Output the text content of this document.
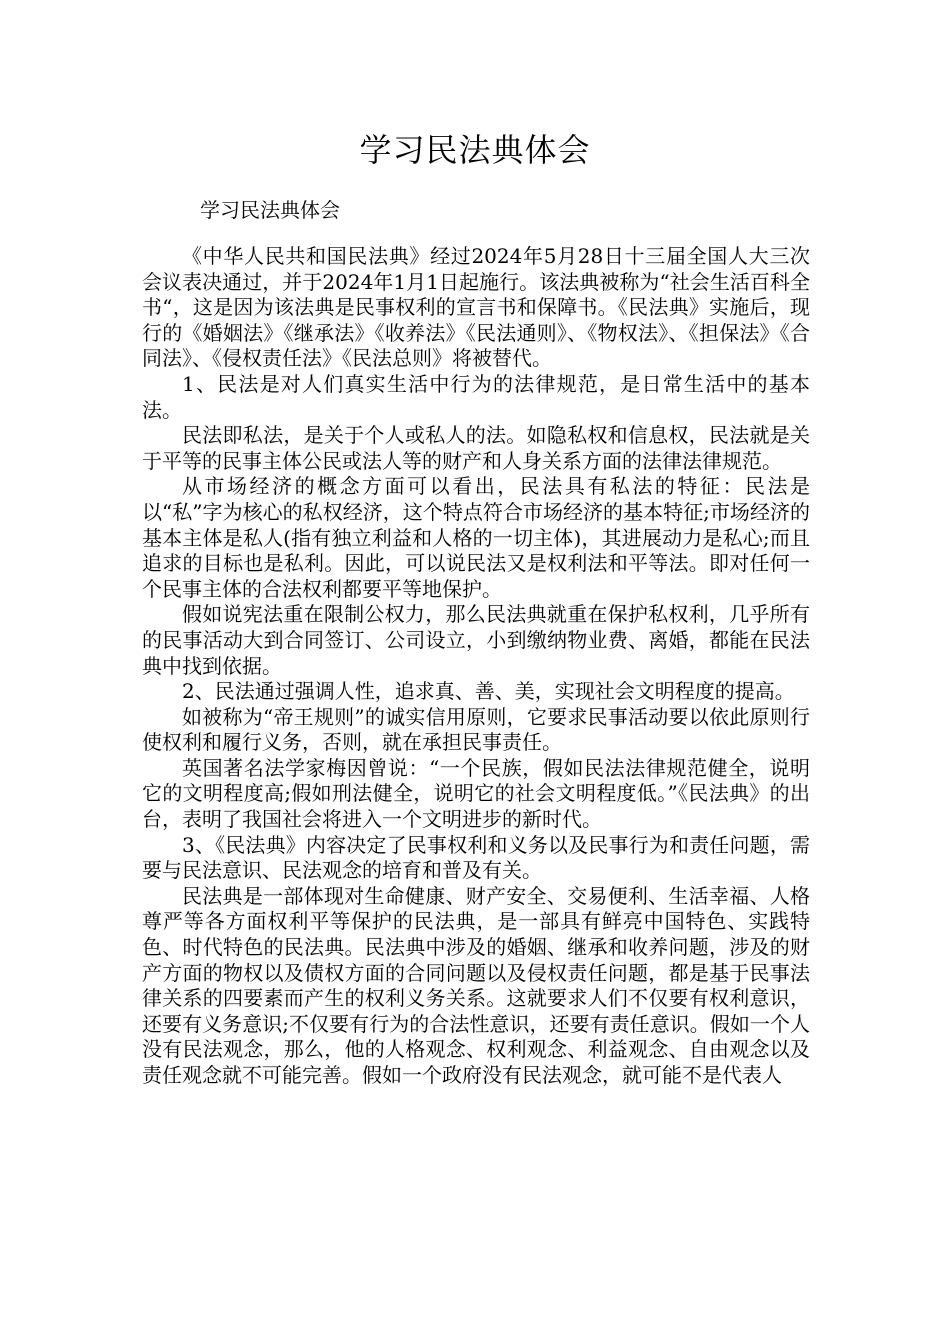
学习民法典体会
学习民法典体会

《中华人民共和国民法典》经过2024年5月28日十三届全国人大三次会议表决通过，并于2024年1月1日起施行。该法典被称为“社会生活百科全书“，这是因为该法典是民事权利的宣言书和保障书。《民法典》实施后，现行的《婚姻法》《继承法》《收养法》《民法通则》、《物权法》、《担保法》《合同法》、《侵权责任法》《民法总则》将被替代。

1、民法是对人们真实生活中行为的法律规范，是日常生活中的基本法。

民法即私法，是关于个人或私人的法。如隐私权和信息权，民法就是关于平等的民事主体公民或法人等的财产和人身关系方面的法律法律规范。

从市场经济的概念方面可以看出，民法具有私法的特征：民法是以“私”字为核心的私权经济，这个特点符合市场经济的基本特征;市场经济的基本主体是私人(指有独立利益和人格的一切主体)，其进展动力是私心;而且追求的目标也是私利。因此，可以说民法又是权利法和平等法。即对任何一个民事主体的合法权利都要平等地保护。

假如说宪法重在限制公权力，那么民法典就重在保护私权利，几乎所有的民事活动大到合同签订、公司设立，小到缴纳物业费、离婚，都能在民法典中找到依据。

2、民法通过强调人性，追求真、善、美，实现社会文明程度的提高。

如被称为“帝王规则”的诚实信用原则，它要求民事活动要以依此原则行使权利和履行义务，否则，就在承担民事责任。

英国著名法学家梅因曾说：“一个民族，假如民法法律规范健全，说明它的文明程度高;假如刑法健全，说明它的社会文明程度低。”《民法典》的出台，表明了我国社会将进入一个文明进步的新时代。

3、《民法典》内容决定了民事权利和义务以及民事行为和责任问题，需要与民法意识、民法观念的培育和普及有关。

民法典是一部体现对生命健康、财产安全、交易便利、生活幸福、人格尊严等各方面权利平等保护的民法典，是一部具有鲜亮中国特色、实践特色、时代特色的民法典。民法典中涉及的婚姻、继承和收养问题，涉及的财产方面的物权以及债权方面的合同问题以及侵权责任问题，都是基于民事法律关系的四要素而产生的权利义务关系。这就要求人们不仅要有权利意识，还要有义务意识;不仅要有行为的合法性意识，还要有责任意识。假如一个人没有民法观念，那么，他的人格观念、权利观念、利益观念、自由观念以及责任观念就不可能完善。假如一个政府没有民法观念，就可能不是代表人
